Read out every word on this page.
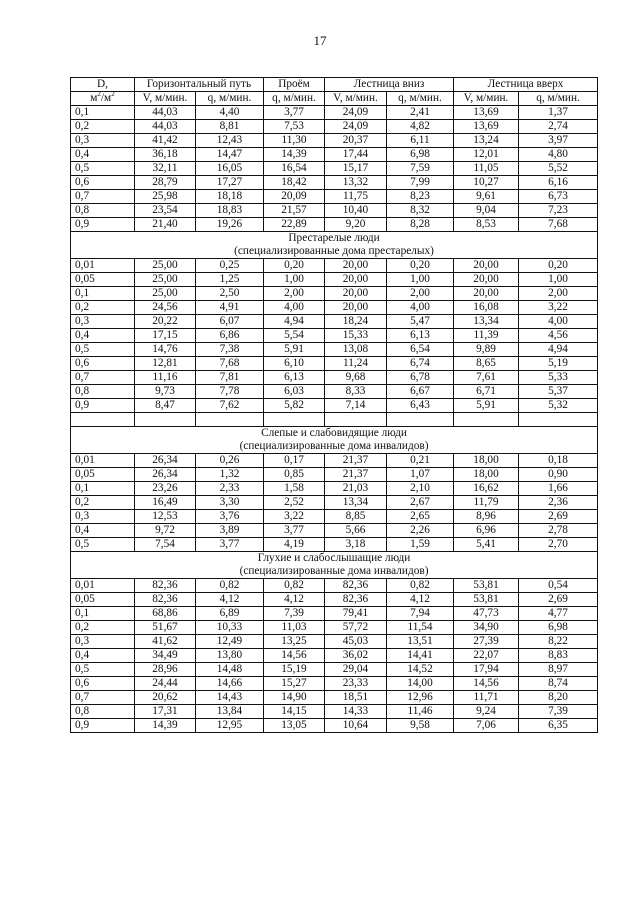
17
D,	Горизонтальный путь		Проём	Лестница вниз		Лестница вверх	
$м^2/м^2$	V, м/мин.	q, м/мин.	q, м/мин.	V, м/мин.	q, м/мин.	V, м/мин.	q, м/мин.
0,1	44,03	4,40	3,77	24,09	2,41	13,69	1,37
0,2	44,03	8,81	7,53	24,09	4,82	13,69	2,74
0,3	41,42	12,43	11,30	20,37	6,11	13,24	3,97
0,4	36,18	14,47	14,39	17,44	6,98	12,01	4,80
0,5	32,11	16,05	16,54	15,17	7,59	11,05	5,52
0,6	28,79	17,27	18,42	13,32	7,99	10,27	6,16
0,7	25,98	18,18	20,09	11,75	8,23	9,61	6,73
0,8	23,54	18,83	21,57	10,40	8,32	9,04	7,23
0,9	21,40	19,26	22,89	9,20	8,28	8,53	7,68
Престарелые люди							
(специализированные дома престарелых)							
0,01	25,00	0,25	0,20	20,00	0,20	20,00	0,20
0,05	25,00	1,25	1,00	20,00	1,00	20,00	1,00
0,1	25,00	2,50	2,00	20,00	2,00	20,00	2,00
0,2	24,56	4,91	4,00	20,00	4,00	16,08	3,22
0,3	20,22	6,07	4,94	18,24	5,47	13,34	4,00
0,4	17,15	6,86	5,54	15,33	6,13	11,39	4,56
0,5	14,76	7,38	5,91	13,08	6,54	9,89	4,94
0,6	12,81	7,68	6,10	11,24	6,74	8,65	5,19
0,7	11,16	7,81	6,13	9,68	6,78	7,61	5,33
0,8	9,73	7,78	6,03	8,33	6,67	6,71	5,37
0,9	8,47	7,62	5,82	7,14	6,43	5,91	5,32

Слепые и слабовидящие люди							
(специализированные дома инвалидов)							
0,01	26,34	0,26	0,17	21,37	0,21	18,00	0,18
0,05	26,34	1,32	0,85	21,37	1,07	18,00	0,90
0,1	23,26	2,33	1,58	21,03	2,10	16,62	1,66
0,2	16,49	3,30	2,52	13,34	2,67	11,79	2,36
0,3	12,53	3,76	3,22	8,85	2,65	8,96	2,69
0,4	9,72	3,89	3,77	5,66	2,26	6,96	2,78
0,5	7,54	3,77	4,19	3,18	1,59	5,41	2,70
Глухие и слабослышащие люди							
(специализированные дома инвалидов)							
0,01	82,36	0,82	0,82	82,36	0,82	53,81	0,54
0,05	82,36	4,12	4,12	82,36	4,12	53,81	2,69
0,1	68,86	6,89	7,39	79,41	7,94	47,73	4,77
0,2	51,67	10,33	11,03	57,72	11,54	34,90	6,98
0,3	41,62	12,49	13,25	45,03	13,51	27,39	8,22
0,4	34,49	13,80	14,56	36,02	14,41	22,07	8,83
0,5	28,96	14,48	15,19	29,04	14,52	17,94	8,97
0,6	24,44	14,66	15,27	23,33	14,00	14,56	8,74
0,7	20,62	14,43	14,90	18,51	12,96	11,71	8,20
0,8	17,31	13,84	14,15	14,33	11,46	9,24	7,39
0,9	14,39	12,95	13,05	10,64	9,58	7,06	6,35
